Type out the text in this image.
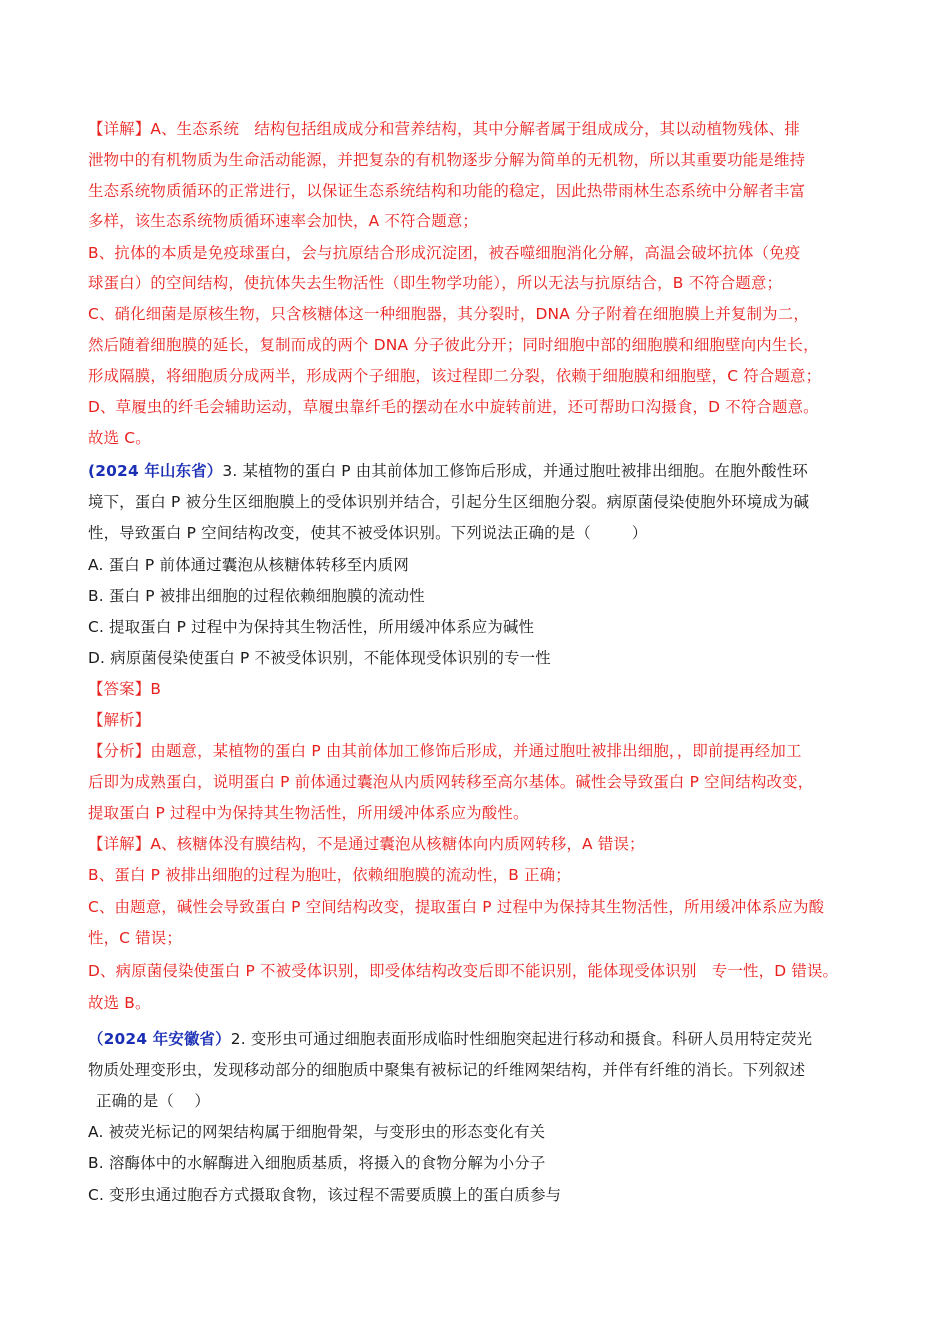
【详解】A、生态系统   结构包括组成成分和营养结构，其中分解者属于组成成分，其以动植物残体、排
泄物中的有机物质为生命活动能源，并把复杂的有机物逐步分解为简单的无机物，所以其重要功能是维持
生态系统物质循环的正常进行，以保证生态系统结构和功能的稳定，因此热带雨林生态系统中分解者丰富
多样，该生态系统物质循环速率会加快，A 不符合题意；
B、抗体的本质是免疫球蛋白，会与抗原结合形成沉淀团，被吞噬细胞消化分解，高温会破坏抗体（免疫
球蛋白）的空间结构，使抗体失去生物活性（即生物学功能），所以无法与抗原结合，B 不符合题意；
C、硝化细菌是原核生物，只含核糖体这一种细胞器，其分裂时，DNA 分子附着在细胞膜上并复制为二，
然后随着细胞膜的延长，复制而成的两个 DNA 分子彼此分开；同时细胞中部的细胞膜和细胞壁向内生长，
形成隔膜，将细胞质分成两半，形成两个子细胞，该过程即二分裂，依赖于细胞膜和细胞壁，C 符合题意；
D、草履虫的纤毛会辅助运动，草履虫靠纤毛的摆动在水中旋转前进，还可帮助口沟摄食，D 不符合题意。
故选 C。
(2024 年山东省）3. 某植物的蛋白 P 由其前体加工修饰后形成，并通过胞吐被排出细胞。在胞外酸性环
境下，蛋白 P 被分生区细胞膜上的受体识别并结合，引起分生区细胞分裂。病原菌侵染使胞外环境成为碱
性，导致蛋白 P 空间结构改变，使其不被受体识别。下列说法正确的是（        ）
A. 蛋白 P 前体通过囊泡从核糖体转移至内质网
B. 蛋白 P 被排出细胞的过程依赖细胞膜的流动性
C. 提取蛋白 P 过程中为保持其生物活性，所用缓冲体系应为碱性
D. 病原菌侵染使蛋白 P 不被受体识别，不能体现受体识别的专一性
【答案】B
【解析】
【分析】由题意，某植物的蛋白 P 由其前体加工修饰后形成，并通过胞吐被排出细胞，，即前提再经加工
后即为成熟蛋白，说明蛋白 P 前体通过囊泡从内质网转移至高尔基体。碱性会导致蛋白 P 空间结构改变，
提取蛋白 P 过程中为保持其生物活性，所用缓冲体系应为酸性。
【详解】A、核糖体没有膜结构，不是通过囊泡从核糖体向内质网转移，A 错误；
B、蛋白 P 被排出细胞的过程为胞吐，依赖细胞膜的流动性，B 正确；
C、由题意，碱性会导致蛋白 P 空间结构改变，提取蛋白 P 过程中为保持其生物活性，所用缓冲体系应为酸
性，C 错误；
D、病原菌侵染使蛋白 P 不被受体识别，即受体结构改变后即不能识别，能体现受体识别   专一性，D 错误。
故选 B。
（2024 年安徽省）2. 变形虫可通过细胞表面形成临时性细胞突起进行移动和摄食。科研人员用特定荧光
物质处理变形虫，发现移动部分的细胞质中聚集有被标记的纤维网架结构，并伴有纤维的消长。下列叙述
正确的是（    ）
A. 被荧光标记的网架结构属于细胞骨架，与变形虫的形态变化有关
B. 溶酶体中的水解酶进入细胞质基质，将摄入的食物分解为小分子
C. 变形虫通过胞吞方式摄取食物，该过程不需要质膜上的蛋白质参与
